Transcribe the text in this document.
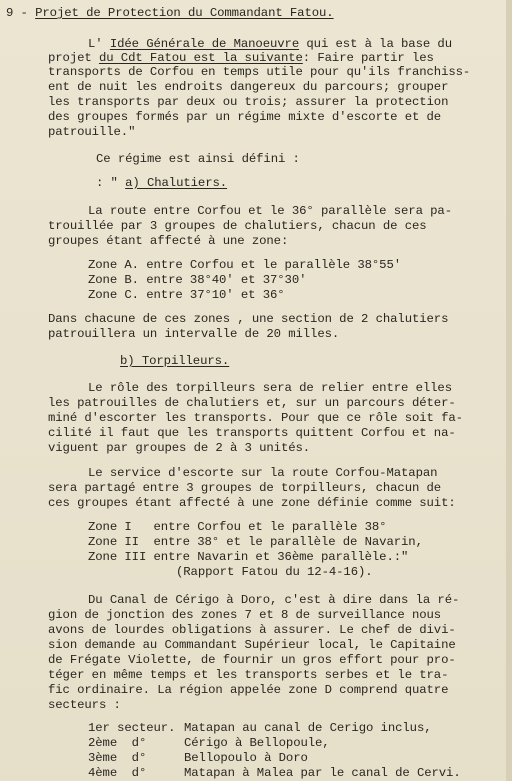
9 - Projet de Protection du Commandant Fatou.

L' Idée Générale de Manoeuvre qui est à la base du

projet du Cdt Fatou est la suivante: Faire partir les

transports de Corfou en temps utile pour qu'ils franchiss-

ent de nuit les endroits dangereux du parcours; grouper

les transports par deux ou trois; assurer la protection

des groupes formés par un régime mixte d'escorte et de

patrouille."

Ce régime est ainsi défini :

: " a) Chalutiers.

La route entre Corfou et le 36° parallèle sera pa-

trouillée par 3 groupes de chalutiers, chacun de ces

groupes étant affecté à une zone:

Zone A. entre Corfou et le parallèle 38°55'

Zone B. entre 38°40' et 37°30'

Zone C. entre 37°10' et 36°

Dans chacune de ces zones , une section de 2 chalutiers

patrouillera un intervalle de 20 milles.

b) Torpilleurs.

Le rôle des torpilleurs sera de relier entre elles

les patrouilles de chalutiers et, sur un parcours déter-

miné d'escorter les transports. Pour que ce rôle soit fa-

cilité il faut que les transports quittent Corfou et na-

viguent par groupes de 2 à 3 unités.

Le service d'escorte sur la route Corfou-Matapan

sera partagé entre 3 groupes de torpilleurs, chacun de

ces groupes étant affecté à une zone définie comme suit:

Zone I   entre Corfou et le parallèle 38°

Zone II  entre 38° et le parallèle de Navarin,

Zone III entre Navarin et 36ème parallèle.:"

(Rapport Fatou du 12-4-16).

Du Canal de Cérigo à Doro, c'est à dire dans la ré-

gion de jonction des zones 7 et 8 de surveillance nous

avons de lourdes obligations à assurer. Le chef de divi-

sion demande au Commandant Supérieur local, le Capitaine

de Frégate Violette, de fournir un gros effort pour pro-

téger en même temps et les transports serbes et le tra-

fic ordinaire. La région appelée zone D comprend quatre

secteurs :

1er secteur. Matapan au canal de Cerigo inclus,

2ème  d°	Cérigo à Bellopoule,

3ème  d°	Bellopoulo à Doro

4ème  d°	Matapan à Malea par le canal de Cervi.
